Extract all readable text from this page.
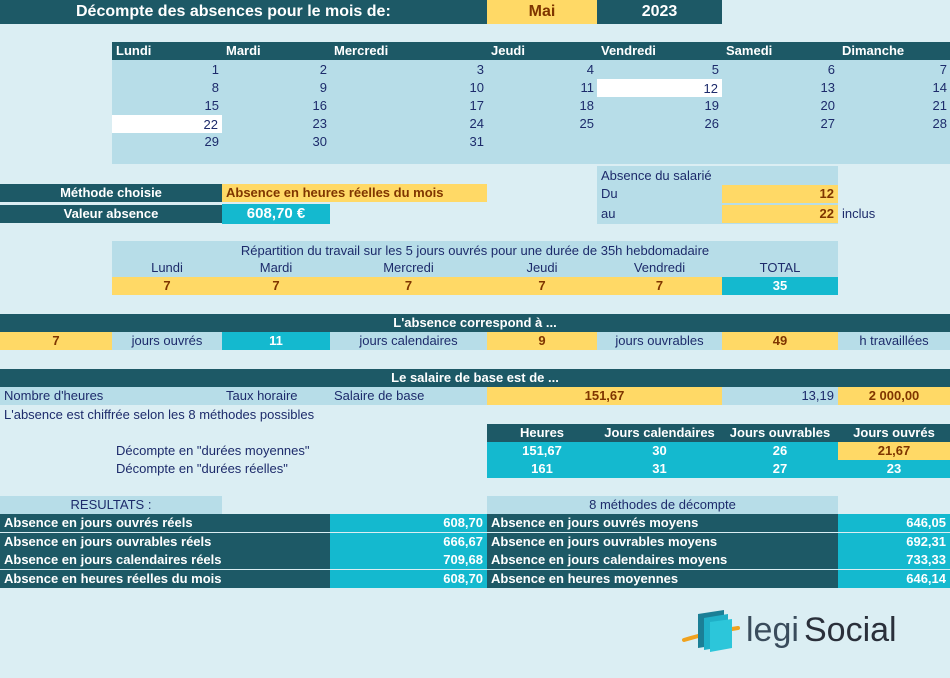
Décompte des absences pour le mois de:	Mai	2023
Lundi	Mardi	Mercredi	Jeudi	Vendredi	Samedi	Dimanche
1	2	3	4	5	6	7
8	9	10	11	12	13	14
15	16	17	18	19	20	21
22	23	24	25	26	27	28
29	30	31
Méthode choisie	Absence en heures réelles du mois
Valeur absence	608,70 €
Absence du salarié
Du	12
au	22 inclus
Répartition du travail sur les 5 jours ouvrés pour une durée de 35h hebdomadaire
Lundi	Mardi	Mercredi	Jeudi	Vendredi	TOTAL
7	7	7	7	7	35
L'absence correspond à ...
7	jours ouvrés	11	jours calendaires	9	jours ouvrables	49	h travaillées
Le salaire de base est de ...
Nombre d'heures	Taux horaire	Salaire de base	151,67	13,19	2 000,00
L'absence est chiffrée selon les 8 méthodes possibles
Heures	Jours calendaires	Jours ouvrables	Jours ouvrés
Décompte en "durées moyennes"	151,67	30	26	21,67
Décompte en "durées réelles"	161	31	27	23
RESULTATS :	8 méthodes de décompte
Absence en jours ouvrés réels	608,70
Absence en jours ouvrables réels	666,67
Absence en jours calendaires réels	709,68
Absence en heures réelles du mois	608,70
Absence en jours ouvrés moyens	646,05
Absence en jours ouvrables moyens	692,31
Absence en jours calendaires moyens	733,33
Absence en heures moyennes	646,14
legi Social
